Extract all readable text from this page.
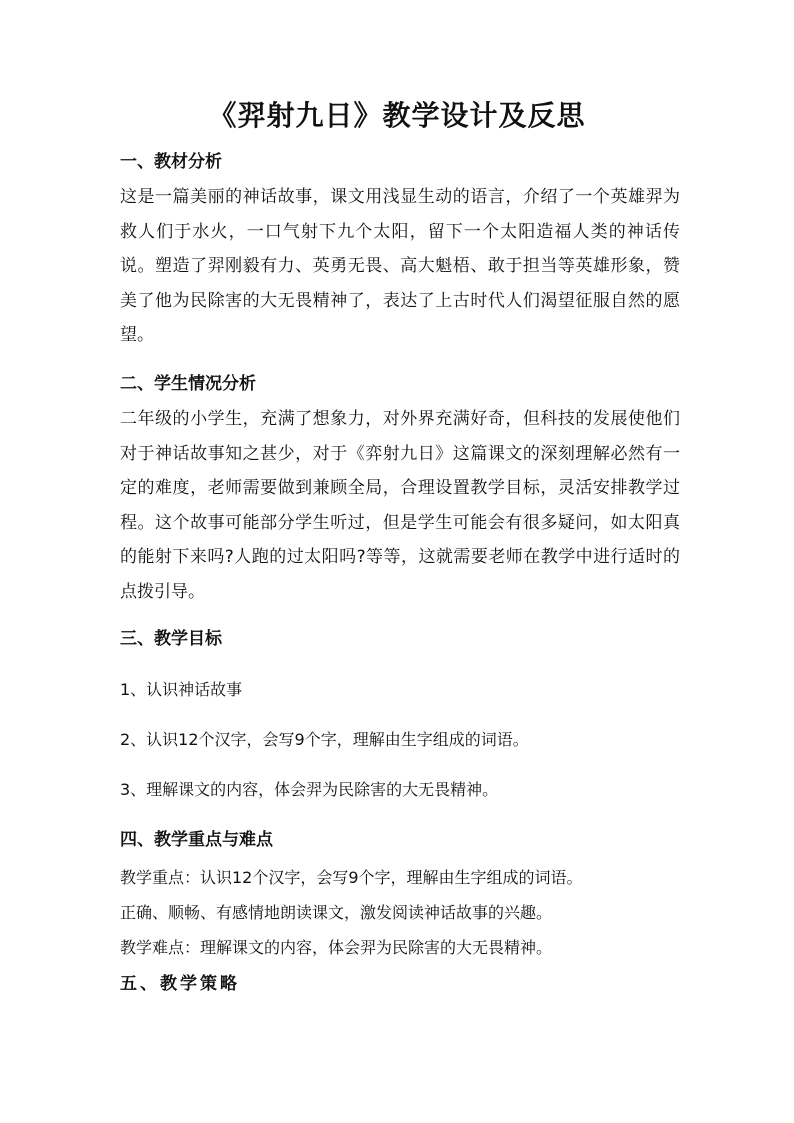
《羿射九日》教学设计及反思
一、教材分析

这是一篇美丽的神话故事，课文用浅显生动的语言，介绍了一个英雄羿为救人们于水火，一口气射下九个太阳，留下一个太阳造福人类的神话传说。塑造了羿刚毅有力、英勇无畏、高大魁梧、敢于担当等英雄形象，赞美了他为民除害的大无畏精神了，表达了上古时代人们渴望征服自然的愿望。

二、学生情况分析

二年级的小学生，充满了想象力，对外界充满好奇，但科技的发展使他们对于神话故事知之甚少，对于《弈射九日》这篇课文的深刻理解必然有一定的难度，老师需要做到兼顾全局，合理设置教学目标，灵活安排教学过程。这个故事可能部分学生听过，但是学生可能会有很多疑问，如太阳真的能射下来吗?人跑的过太阳吗?等等，这就需要老师在教学中进行适时的点拨引导。

三、教学目标
1、认识神话故事
2、认识12个汉字，会写9个字，理解由生字组成的词语。
3、理解课文的内容，体会羿为民除害的大无畏精神。
四、教学重点与难点
教学重点：认识12个汉字，会写9个字，理解由生字组成的词语。
正确、顺畅、有感情地朗读课文，激发阅读神话故事的兴趣。
教学难点：理解课文的内容，体会羿为民除害的大无畏精神。
五、教学策略
